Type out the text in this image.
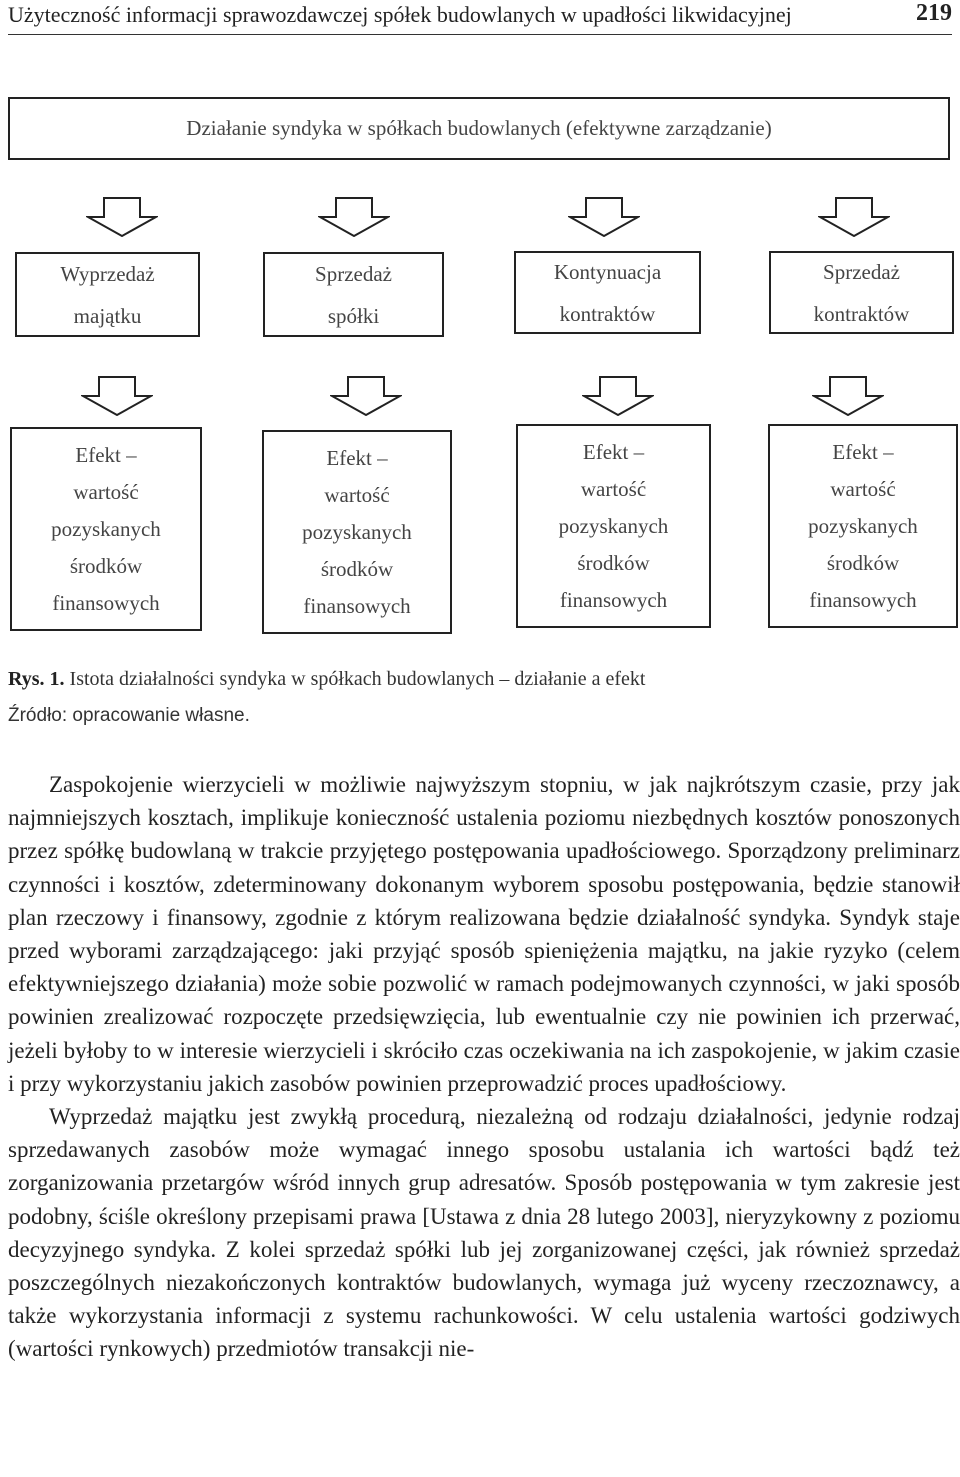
Użyteczność informacji sprawozdawczej spółek budowlanych w upadłości likwidacyjnej	219
Działanie syndyka w spółkach budowlanych (efektywne zarządzanie)
Wyprzedaż
majątku
Sprzedaż
spółki
Kontynuacja
kontraktów
Sprzedaż
kontraktów
Efekt –
wartość
pozyskanych
środków
finansowych
Efekt –
wartość
pozyskanych
środków
finansowych
Efekt –
wartość
pozyskanych
środków
finansowych
Efekt –
wartość
pozyskanych
środków
finansowych
Rys. 1. Istota działalności syndyka w spółkach budowlanych – działanie a efekt
Źródło: opracowanie własne.

Zaspokojenie wierzycieli w możliwie najwyższym stopniu, w jak najkrótszym czasie, przy jak najmniejszych kosztach, implikuje konieczność ustalenia poziomu niezbędnych kosztów ponoszonych przez spółkę budowlaną w trakcie przyjętego postępowania upadłościowego. Sporządzony preliminarz czynności i kosztów, zdeterminowany dokonanym wyborem sposobu postępowania, będzie stanowił plan rzeczowy i finansowy, zgodnie z którym realizowana będzie działalność syndyka. Syndyk staje przed wyborami zarządzającego: jaki przyjąć sposób spieniężenia majątku, na jakie ryzyko (celem efektywniejszego działania) może sobie pozwolić w ramach podejmowanych czynności, w jaki sposób powinien zrealizować rozpoczęte przedsięwzięcia, lub ewentualnie czy nie powinien ich przerwać, jeżeli byłoby to w interesie wierzycieli i skróciło czas oczekiwania na ich zaspokojenie, w jakim czasie i przy wykorzystaniu jakich zasobów powinien przeprowadzić proces upadłościowy.

Wyprzedaż majątku jest zwykłą procedurą, niezależną od rodzaju działalności, jedynie rodzaj sprzedawanych zasobów może wymagać innego sposobu ustalania ich wartości bądź też zorganizowania przetargów wśród innych grup adresatów. Sposób postępowania w tym zakresie jest podobny, ściśle określony przepisami prawa [Ustawa z dnia 28 lutego 2003], nieryzykowny z poziomu decyzyjnego syndyka. Z kolei sprzedaż spółki lub jej zorganizowanej części, jak również sprzedaż poszczególnych niezakończonych kontraktów budowlanych, wymaga już wyceny rzeczoznawcy, a także wykorzystania informacji z systemu rachunkowości. W celu ustalenia wartości godziwych (wartości rynkowych) przedmiotów transakcji nie-
